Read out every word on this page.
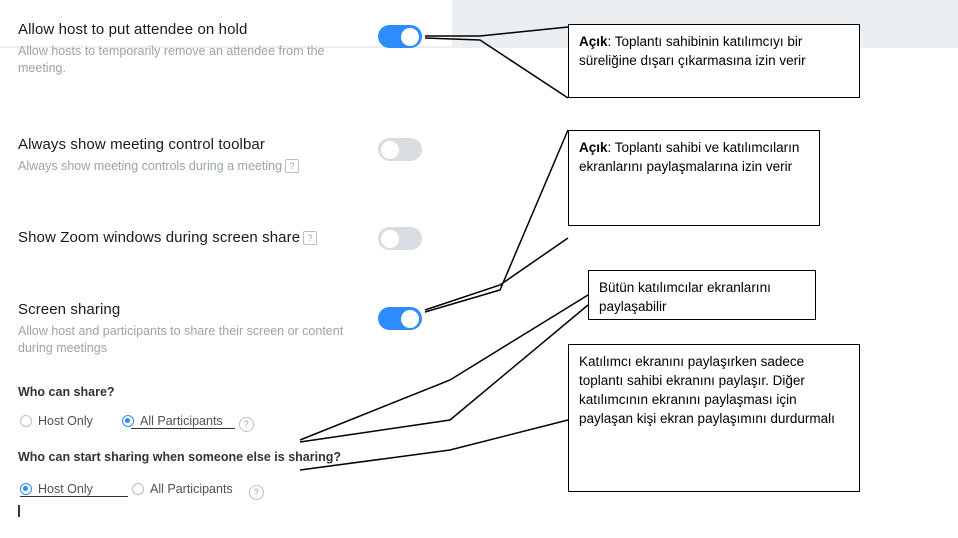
Allow host to put attendee on hold
Allow hosts to temporarily remove an attendee from the meeting.
Always show meeting control toolbar
Always show meeting controls during a meeting ?
Show Zoom windows during screen share ?
Screen sharing
Allow host and participants to share their screen or content during meetings
Who can share?
Host Only	All Participants ?
Who can start sharing when someone else is sharing?
Host Only	All Participants ?
Açık: Toplantı sahibinin katılımcıyı bir süreliğine dışarı çıkarmasına izin verir
Açık: Toplantı sahibi ve katılımcıların ekranlarını paylaşmalarına izin verir
Bütün katılımcılar ekranlarını paylaşabilir
Katılımcı ekranını paylaşırken sadece toplantı sahibi ekranını paylaşır. Diğer katılımcının ekranını paylaşması için paylaşan kişi ekran paylaşımını durdurmalı
